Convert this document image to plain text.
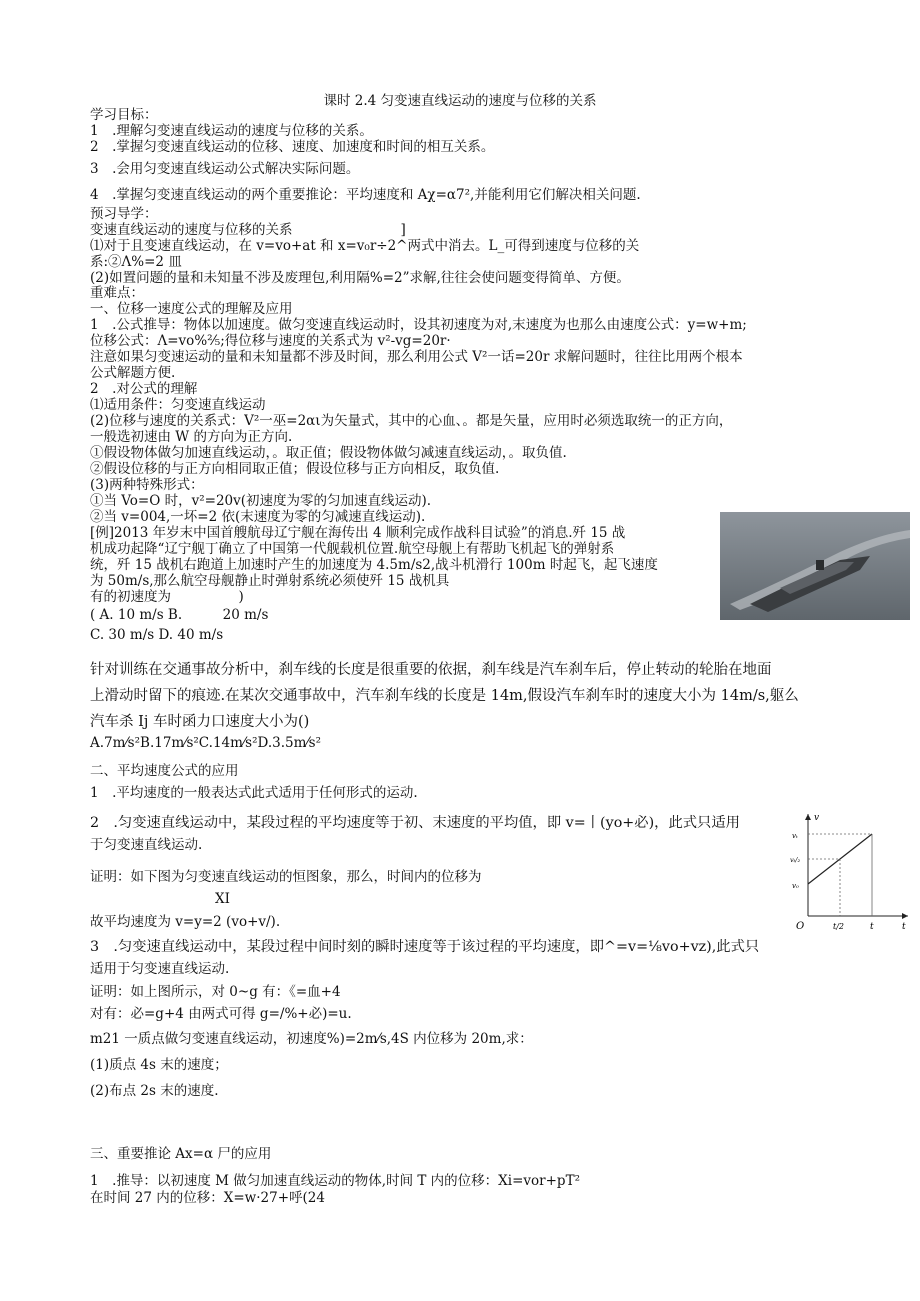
课时 2.4 匀变速直线运动的速度与位移的关系
学习目标：
1　.理解匀变速直线运动的速度与位移的关系。
2　.掌握匀变速直线运动的位移、速度、加速度和时间的相互关系。
3　.会用匀变速直线运动公式解决实际问题。
4　.掌握匀变速直线运动的两个重要推论：平均速度和 Aχ=α7²,并能利用它们解决相关问题.
预习导学：
变速直线运动的速度与位移的关系　　　　　　　　]
⑴对于且变速直线运动，在 v=vo+at 和 x=v₀r÷2^两式中消去。L_可得到速度与位移的关
系:②Λ%=2 皿
(2)如置问题的量和未知量不涉及废理包,利用隔%=2”求解,往往会使问题变得简单、方便。
重难点：
一、位移一速度公式的理解及应用
1　.公式推导：物体以加速度。做匀变速直线运动时，设其初速度为对,末速度为也那么由速度公式：y=w+m;
位移公式：Λ=vo%⅖;得位移与速度的关系式为 v²-vg=20r·
注意如果匀变速运动的量和未知量都不涉及时间，那么利用公式 V²一话=20r 求解问题时，往往比用两个根本
公式解题方便.
2　.对公式的理解
⑴适用条件：匀变速直线运动
(2)位移与速度的关系式：V²一巫=2αι为矢量式，其中的心血、。都是矢量，应用时必须选取统一的正方向，
一般选初速由 W 的方向为正方向.
①假设物体做匀加速直线运动，。取正值；假设物体做匀减速直线运动，。取负值.
②假设位移的与正方向相同取正值；假设位移与正方向相反，取负值.
(3)两种特殊形式：
①当 Vo=O 时，v²=20v(初速度为零的匀加速直线运动).
②当 v=004,一坏=2 依(末速度为零的匀减速直线运动).
[例]2013 年岁末中国首艘航母辽宁舰在海传出 4 顺利完成作战科目试验”的消息.歼 15 战
机成功起降“辽宁舰丁确立了中国第一代舰载机位置.航空母舰上有帮助飞机起飞的弹射系
统，歼 15 战机右跑道上加速时产生的加速度为 4.5m/s2,战斗机滑行 100m 时起飞，起飞速度
为 50m/s,那么航空母舰静止时弹射系统必须使歼 15 战机具
有的初速度为　　　　　)
( A. 10 m/s B.　　　20 m/s
C. 30 m/s D. 40 m/s
针对训练在交通事故分析中，刹车线的长度是很重要的依据，刹车线是汽车刹车后，停止转动的轮胎在地面
上滑动时留下的痕迹.在某次交通事故中，汽车刹车线的长度是 14m,假设汽车刹车时的速度大小为 14m/s,躯么
汽车杀 Ij 车时函力口速度大小为()
A.7m⁄s²B.17m⁄s²C.14m⁄s²D.3.5m⁄s²
二、平均速度公式的应用
1　.平均速度的一般表达式此式适用于任何形式的运动.
2　.匀变速直线运动中，某段过程的平均速度等于初、末速度的平均值，即 v=丨(yo+必)，此式只适用
于匀变速直线运动.
证明：如下图为匀变速直线运动的恒图象，那么，时间内的位移为
XI
故平均速度为 v=y=2 (vo+v/).
3　.匀变速直线运动中，某段过程中间时刻的瞬时速度等于该过程的平均速度，即^=v=⅛vo+vz),此式只
适用于匀变速直线运动.
证明：如上图所示，对 0~g 有：《=血+4
对有：必=g+4 由两式可得 g=/%+必)=u.
m21 一质点做匀变速直线运动，初速度%)=2m⁄s,4S 内位移为 20m,求：
(1)质点 4s 末的速度；
(2)布点 2s 末的速度.
三、重要推论 Ax=α 尸的应用
1　.推导：以初速度 M 做匀加速直线运动的物体,时间 T 内的位移：Xi=vor+pT²
在时间 27 内的位移：X=w·27+呼(24
v
vₜ
vₜ/₂
v₀
O	t/2	t	t
